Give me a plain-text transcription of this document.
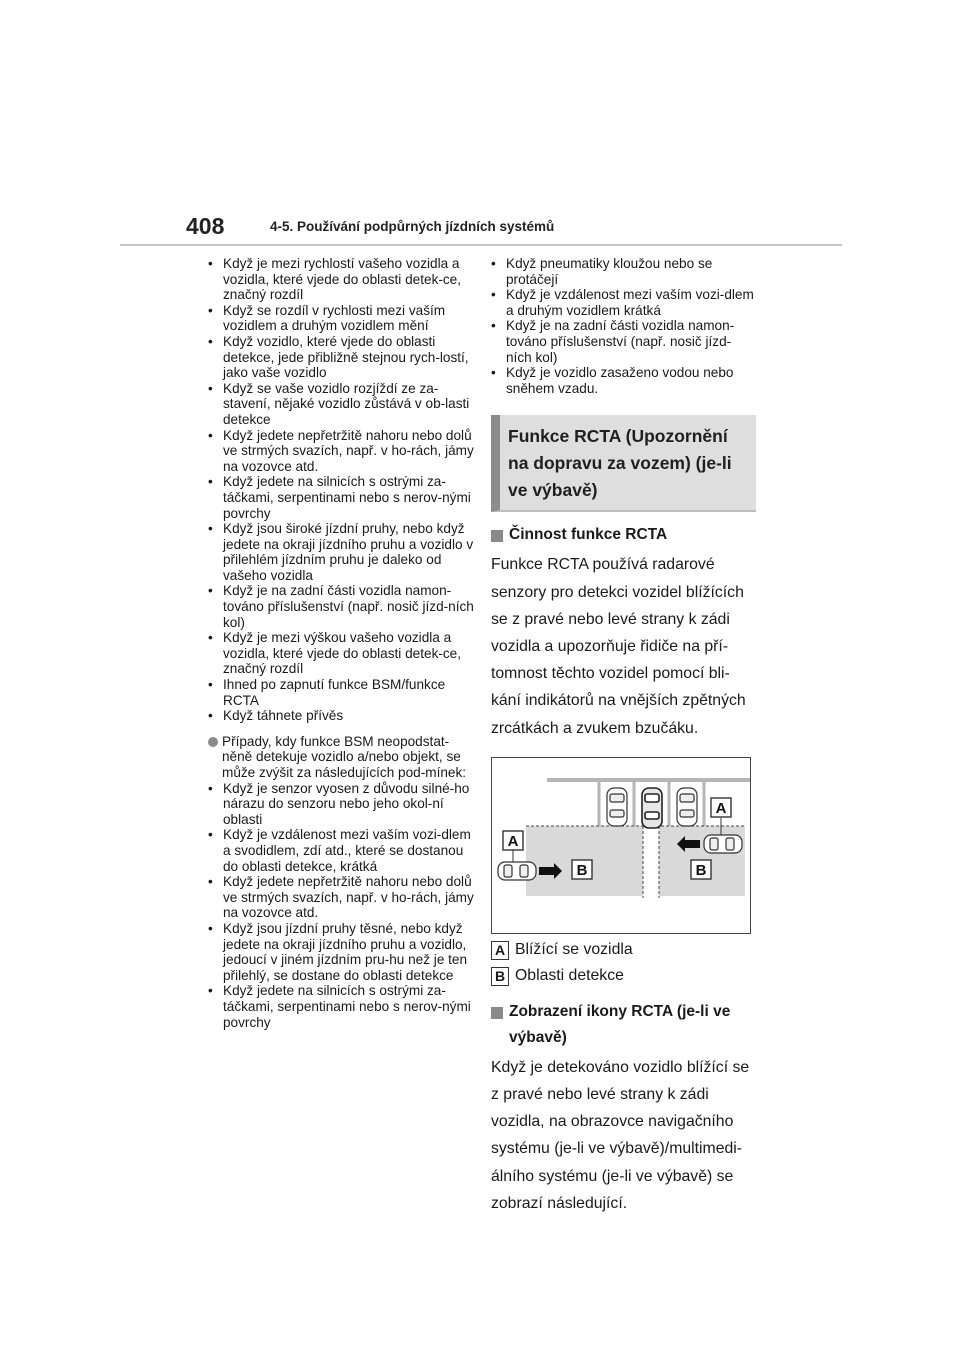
408	4-5. Používání podpůrných jízdních systémů
• Když je mezi rychlostí vašeho vozidla a vozidla, které vjede do oblasti detek-ce, značný rozdíl
• Když se rozdíl v rychlosti mezi vaším vozidlem a druhým vozidlem mění
• Když vozidlo, které vjede do oblasti detekce, jede přibližně stejnou rych-lostí, jako vaše vozidlo
• Když se vaše vozidlo rozjíždí ze za-stavení, nějaké vozidlo zůstává v ob-lasti detekce
• Když jedete nepřetržitě nahoru nebo dolů ve strmých svazích, např. v ho-rách, jámy na vozovce atd.
• Když jedete na silnicích s ostrými za-táčkami, serpentinami nebo s nerov-nými povrchy
• Když jsou široké jízdní pruhy, nebo když jedete na okraji jízdního pruhu a vozidlo v přilehlém jízdním pruhu je daleko od vašeho vozidla
• Když je na zadní části vozidla namon-továno příslušenství (např. nosič jízd-ních kol)
• Když je mezi výškou vašeho vozidla a vozidla, které vjede do oblasti detek-ce, značný rozdíl
• Ihned po zapnutí funkce BSM/funkce RCTA
• Když táhnete přívěs
Případy, kdy funkce BSM neopodstat-něně detekuje vozidlo a/nebo objekt, se může zvýšit za následujících pod-mínek:
• Když je senzor vyosen z důvodu silné-ho nárazu do senzoru nebo jeho okol-ní oblasti
• Když je vzdálenost mezi vaším vozi-dlem a svodidlem, zdí atd., které se dostanou do oblasti detekce, krátká
• Když jedete nepřetržitě nahoru nebo dolů ve strmých svazích, např. v ho-rách, jámy na vozovce atd.
• Když jsou jízdní pruhy těsné, nebo když jedete na okraji jízdního pruhu a vozidlo, jedoucí v jiném jízdním pru-hu než je ten přilehlý, se dostane do oblasti detekce
• Když jedete na silnicích s ostrými za-táčkami, serpentinami nebo s nerov-nými povrchy
• Když pneumatiky kloužou nebo se protáčejí
• Když je vzdálenost mezi vaším vozi-dlem a druhým vozidlem krátká
• Když je na zadní části vozidla namon-továno příslušenství (např. nosič jízd-ních kol)
• Když je vozidlo zasaženo vodou nebo sněhem vzadu.
Funkce RCTA (Upozornění na dopravu za vozem) (je-li ve výbavě)
Činnost funkce RCTA
Funkce RCTA používá radarové senzory pro detekci vozidel blížících se z pravé nebo levé strany k zádi vozidla a upozorňuje řidiče na pří-tomnost těchto vozidel pomocí bli-kání indikátorů na vnějších zpětných zrcátkách a zvukem bzučáku.
A
A
B	B
A Blížící se vozidla
B Oblasti detekce
Zobrazení ikony RCTA (je-li ve výbavě)
Když je detekováno vozidlo blížící se z pravé nebo levé strany k zádi vozidla, na obrazovce navigačního systému (je-li ve výbavě)/multimedi-álního systému (je-li ve výbavě) se zobrazí následující.
